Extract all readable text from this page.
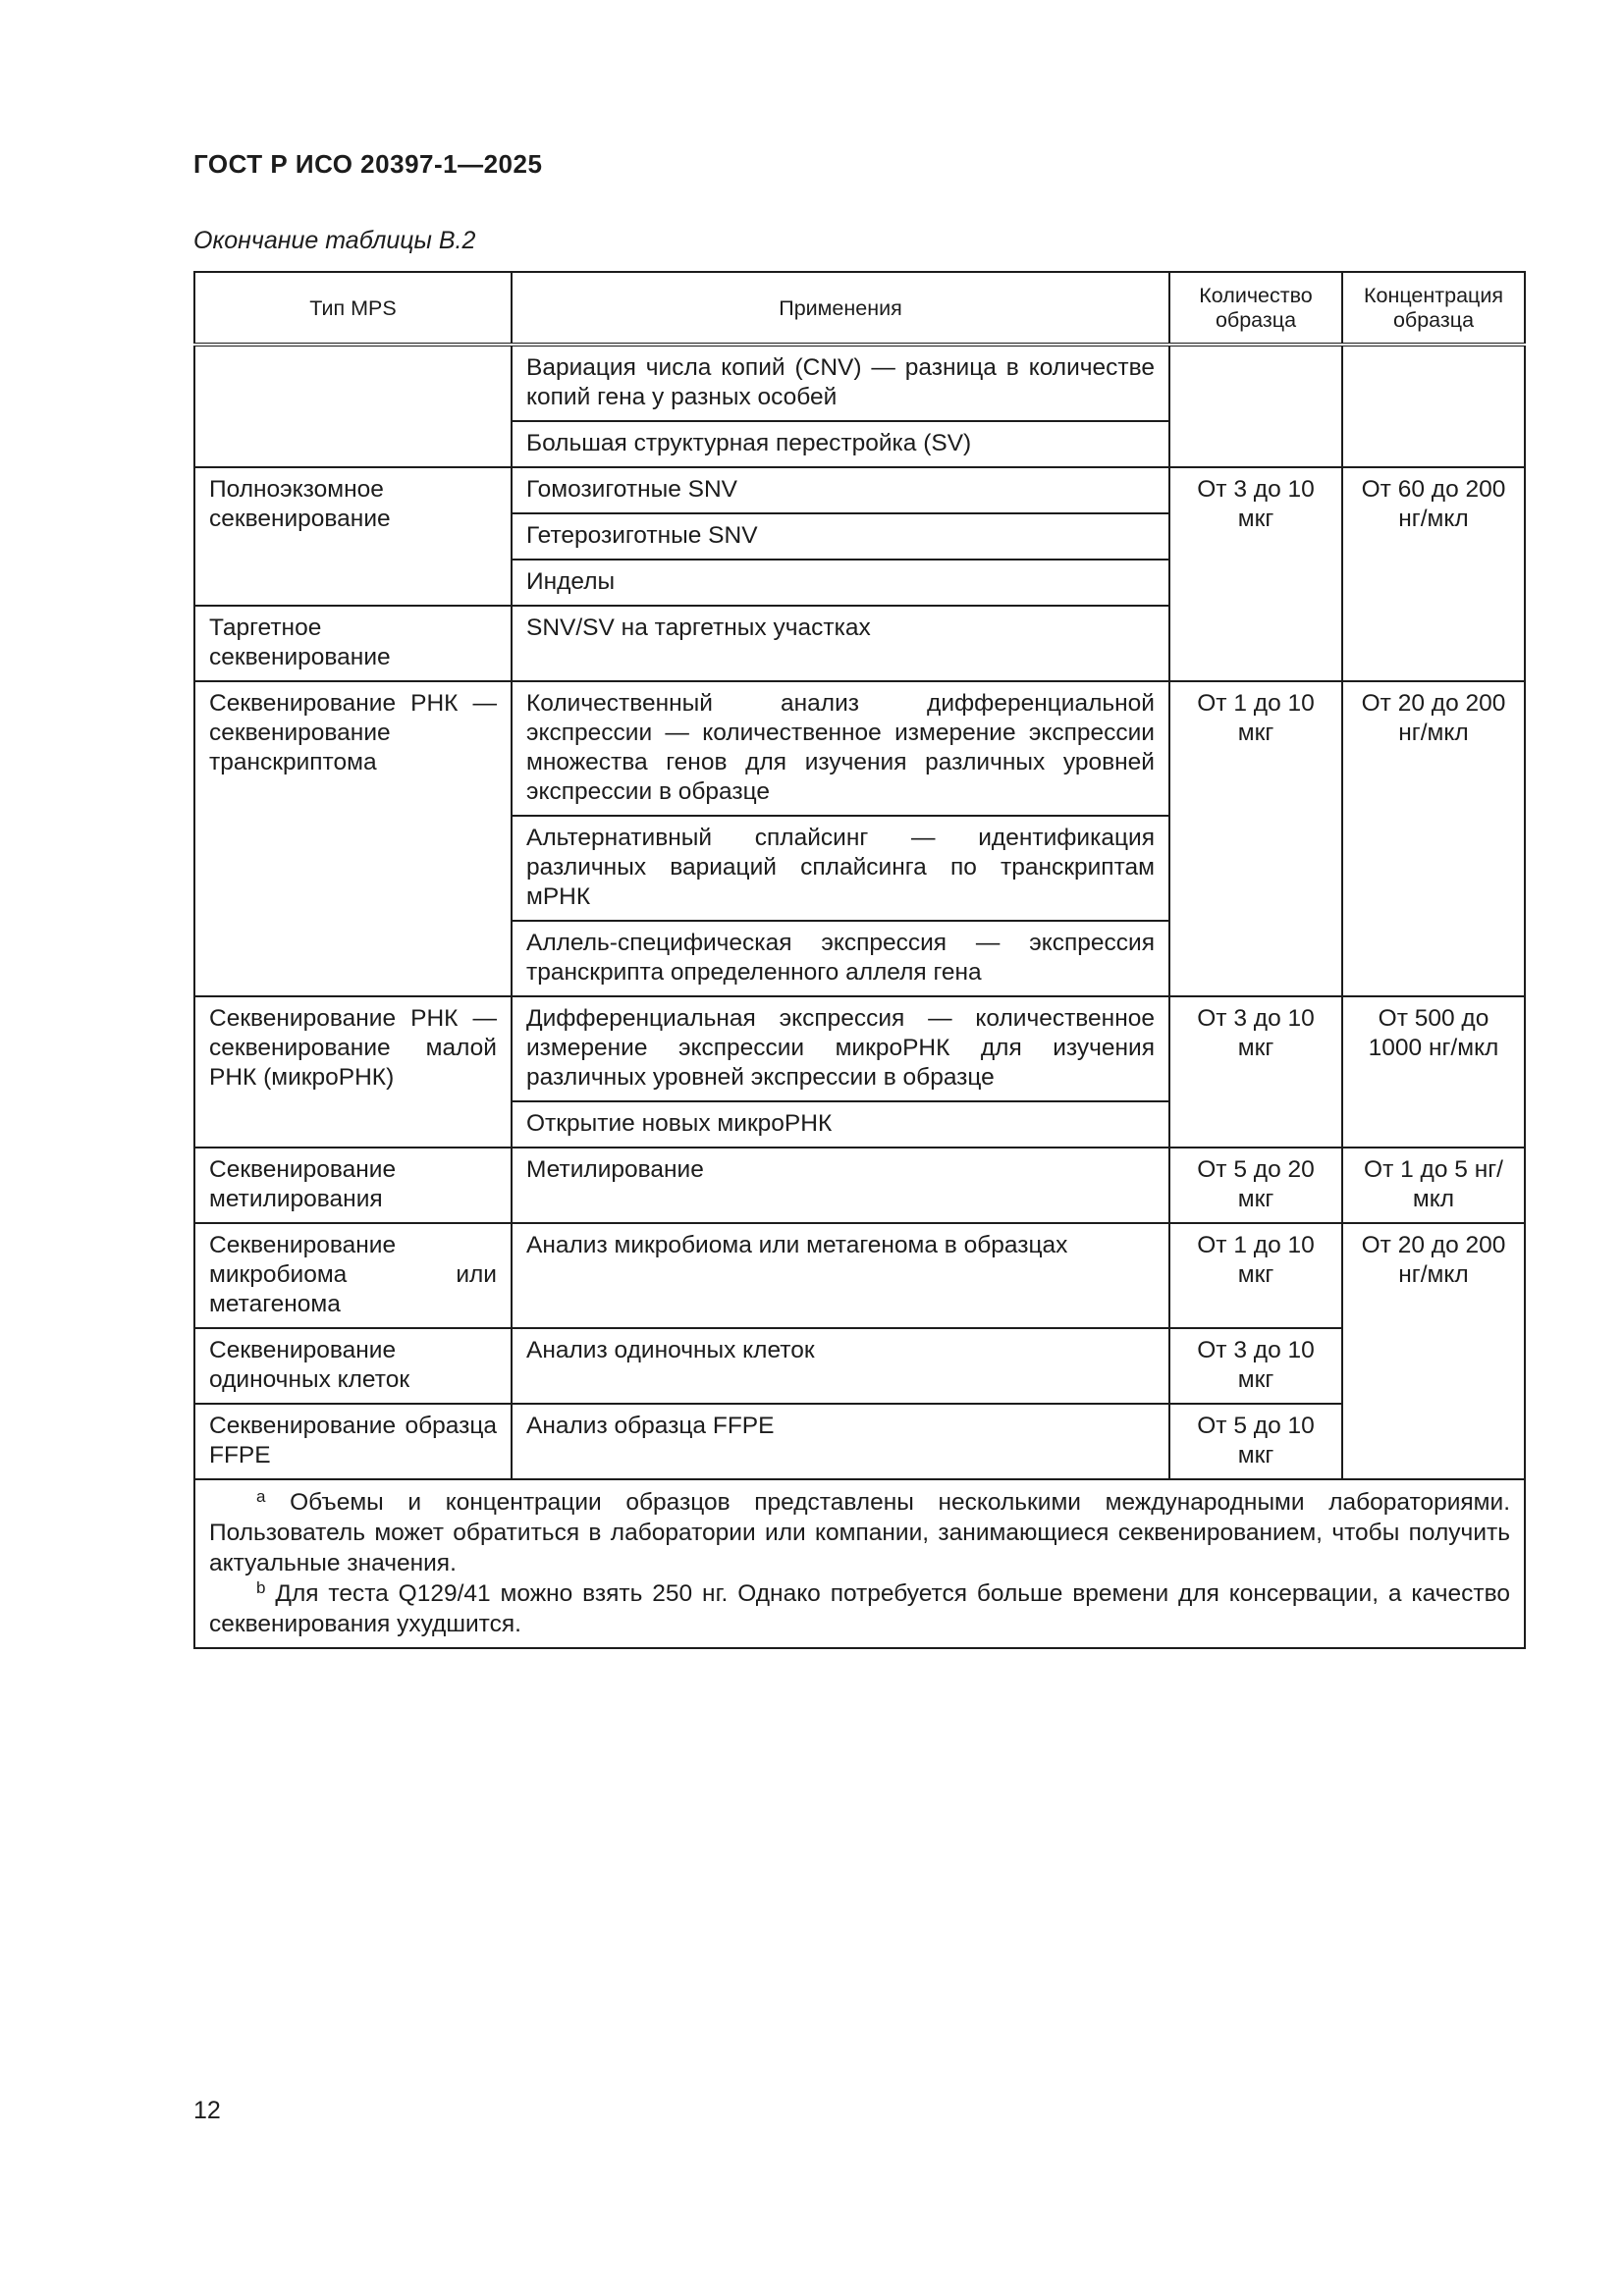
ГОСТ Р ИСО 20397-1—2025
Окончание таблицы B.2
Тип MPS	Применения	Количество образца	Концентрация образца
	Вариация числа копий (CNV) — разница в количестве копий гена у разных особей		
	Большая структурная перестройка (SV)		
Полноэкзомное секвенирование	Гомозиготные SNV	От 3 до 10 мкг	От 60 до 200 нг/мкл
	Гетерозиготные SNV		
	Инделы		
Таргетное секвенирование	SNV/SV на таргетных участках		
Секвенирование РНК — секвенирование транскриптома	Количественный анализ дифференциальной экспрессии — количественное измерение экспрессии множества генов для изучения различных уровней экспрессии в образце	От 1 до 10 мкг	От 20 до 200 нг/мкл
	Альтернативный сплайсинг — идентификация различных вариаций сплайсинга по транскриптам мРНК		
	Аллель-специфическая экспрессия — экспрессия транскрипта определенного аллеля гена		
Секвенирование РНК — секвенирование малой РНК (микроРНК)	Дифференциальная экспрессия — количественное измерение экспрессии микроРНК для изучения различных уровней экспрессии в образце	От 3 до 10 мкг	От 500 до 1000 нг/мкл
	Открытие новых микроРНК		
Секвенирование метилирования	Метилирование	От 5 до 20 мкг	От 1 до 5 нг/мкл
Секвенирование микробиома или метагенома	Анализ микробиома или метагенома в образцах	От 1 до 10 мкг	От 20 до 200 нг/мкл
Секвенирование одиночных клеток	Анализ одиночных клеток	От 3 до 10 мкг	
Секвенирование образца FFPE	Анализ образца FFPE	От 5 до 10 мкг	

$^a$ Объемы и концентрации образцов представлены несколькими международными лабораториями. Пользователь может обратиться в лаборатории или компании, занимающиеся секвенированием, чтобы получить актуальные значения.

$^b$ Для теста Q129/41 можно взять 250 нг. Однако потребуется больше времени для консервации, а качество секвенирования ухудшится.			

12
